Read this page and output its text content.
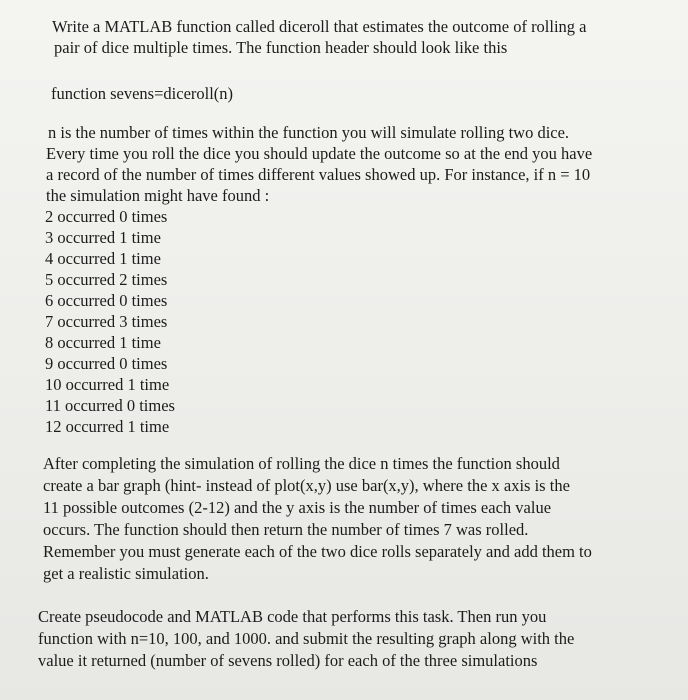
Write a MATLAB function called diceroll that estimates the outcome of rolling a
pair of dice multiple times. The function header should look like this
function sevens=diceroll(n)
n is the number of times within the function you will simulate rolling two dice.
Every time you roll the dice you should update the outcome so at the end you have
a record of the number of times different values showed up. For instance, if n = 10
the simulation might have found :
2 occurred 0 times
3 occurred 1 time
4 occurred 1 time
5 occurred 2 times
6 occurred 0 times
7 occurred 3 times
8 occurred 1 time
9 occurred 0 times
10 occurred 1 time
11 occurred 0 times
12 occurred 1 time
After completing the simulation of rolling the dice n times the function should
create a bar graph (hint- instead of plot(x,y) use bar(x,y), where the x axis is the
11 possible outcomes (2-12) and the y axis is the number of times each value
occurs. The function should then return the number of times 7 was rolled.
Remember you must generate each of the two dice rolls separately and add them to
get a realistic simulation.
Create pseudocode and MATLAB code that performs this task. Then run you
function with n=10, 100, and 1000. and submit the resulting graph along with the
value it returned (number of sevens rolled) for each of the three simulations
